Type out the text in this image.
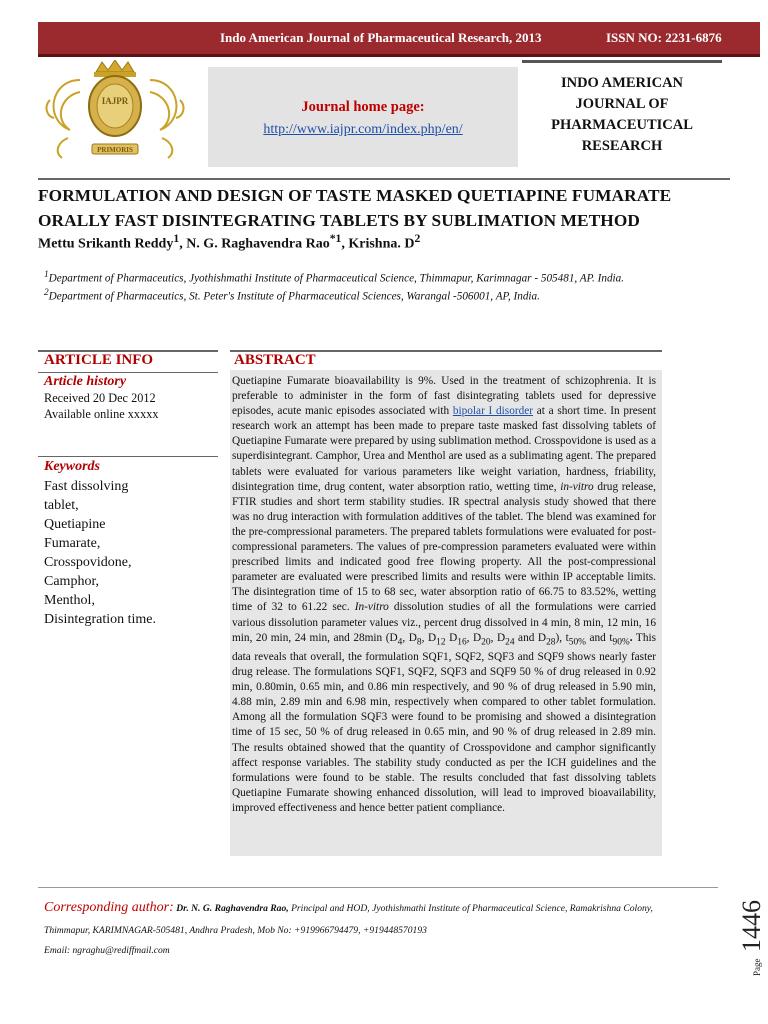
Indo American Journal of Pharmaceutical Research, 2013	ISSN NO: 2231-6876
IAJPR
PRIMORIS
Journal home page:
http://www.iajpr.com/index.php/en/
INDO AMERICAN
JOURNAL OF
PHARMACEUTICAL
RESEARCH
FORMULATION AND DESIGN OF TASTE MASKED QUETIAPINE FUMARATE
ORALLY FAST DISINTEGRATING TABLETS BY SUBLIMATION METHOD
Mettu Srikanth Reddy$^1$, N. G. Raghavendra Rao$^{*1}$, Krishna. $D^2$
$^1$Department of Pharmaceutics, Jyothishmathi Institute of Pharmaceutical Science, Thimmapur, Karimnagar - 505481, AP. India.
$^2$Department of Pharmaceutics, St. Peter's Institute of Pharmaceutical Sciences, Warangal -506001, AP, India.
ARTICLE INFO
Article history
Received 20 Dec 2012
Available online xxxxx
Keywords
Fast dissolving
tablet,
Quetiapine
Fumarate,
Crosspovidone,
Camphor,
Menthol,
Disintegration time.
ABSTRACT
Quetiapine Fumarate bioavailability is 9%. Used in the treatment of schizophrenia. It is preferable to administer in the form of fast disintegrating tablets used for depressive episodes, acute manic episodes associated with bipolar I disorder at a short time. In present research work an attempt has been made to prepare taste masked fast dissolving tablets of Quetiapine Fumarate were prepared by using sublimation method. Crosspovidone is used as a superdisintegrant. Camphor, Urea and Menthol are used as a sublimating agent. The prepared tablets were evaluated for various parameters like weight variation, hardness, friability, disintegration time, drug content, water absorption ratio, wetting time, in-vitro drug release, FTIR studies and short term stability studies. IR spectral analysis study showed that there was no drug interaction with formulation additives of the tablet. The blend was examined for the pre-compressional parameters. The prepared tablets formulations were evaluated for post-compressional parameters. The values of pre-compression parameters evaluated were within prescribed limits and indicated good free flowing property. All the post-compressional parameter are evaluated were prescribed limits and results were within IP acceptable limits. The disintegration time of 15 to 68 sec, water absorption ratio of 66.75 to 83.52%, wetting time of 32 to 61.22 sec. In-vitro dissolution studies of all the formulations were carried various dissolution parameter values viz., percent drug dissolved in 4 min, 8 min, 12 min, 16 min, 20 min, 24 min, and 28min ($D_4$, $D_8$, $D_{12}$ $D_{16}$, $D_{20}$, $D_{24}$ and $D_{28}$), $t_{50\%}$ and $t_{90\%}$. This data reveals that overall, the formulation SQF1, SQF2, SQF3 and SQF9 shows nearly faster drug release. The formulations SQF1, SQF2, SQF3 and SQF9 50 % of drug released in 0.92 min, 0.80min, 0.65 min, and 0.86 min respectively, and 90 % of drug released in 5.90 min, 4.88 min, 2.89 min and 6.98 min, respectively when compared to other tablet formulation. Among all the formulation SQF3 were found to be promising and showed a disintegration time of 15 sec, 50 % of drug released in 0.65 min, and 90 % of drug released in 2.89 min. The results obtained showed that the quantity of Crosspovidone and camphor significantly affect response variables. The stability study conducted as per the ICH guidelines and the formulations were found to be stable. The results concluded that fast dissolving tablets Quetiapine Fumarate showing enhanced dissolution, will lead to improved bioavailability, improved effectiveness and hence better patient compliance.
Corresponding author: Dr. N. G. Raghavendra Rao, Principal and HOD, Jyothishmathi Institute of Pharmaceutical Science, Ramakrishna Colony,
Thimmapur, KARIMNAGAR-505481, Andhra Pradesh, Mob No: +919966794479, +919448570193
Email: ngraghu@rediffmail.com
Page
1446
